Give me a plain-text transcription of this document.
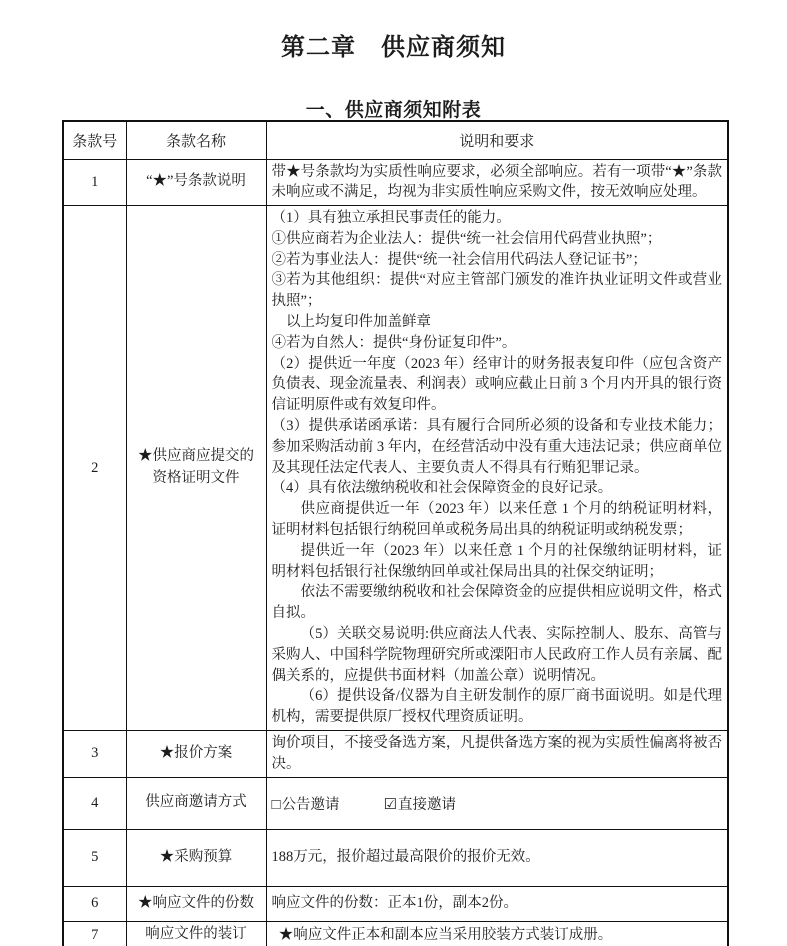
第二章　供应商须知
一、供应商须知附表
条款号	条款名称	说明和要求
1	“★”号条款说明	带★号条款均为实质性响应要求，必须全部响应。若有一项带“★”条款未响应或不满足，均视为非实质性响应采购文件，按无效响应处理。

2	★供应商应提交的资格证明文件	
（1）具有独立承担民事责任的能力。
①供应商若为企业法人：提供“统一社会信用代码营业执照”；
②若为事业法人：提供“统一社会信用代码法人登记证书”；
③若为其他组织：提供“对应主管部门颁发的准许执业证明文件或营业执照”；
以上均复印件加盖鲜章
④若为自然人：提供“身份证复印件”。
（2）提供近一年度（2023 年）经审计的财务报表复印件（应包含资产负债表、现金流量表、利润表）或响应截止日前 3 个月内开具的银行资信证明原件或有效复印件。
（3）提供承诺函承诺：具有履行合同所必须的设备和专业技术能力；参加采购活动前 3 年内，在经营活动中没有重大违法记录；供应商单位及其现任法定代表人、主要负责人不得具有行贿犯罪记录。
（4）具有依法缴纳税收和社会保障资金的良好记录。
供应商提供近一年（2023 年）以来任意 1 个月的纳税证明材料，证明材料包括银行纳税回单或税务局出具的纳税证明或纳税发票；
提供近一年（2023 年）以来任意 1 个月的社保缴纳证明材料，证明材料包括银行社保缴纳回单或社保局出具的社保交纳证明；
依法不需要缴纳税收和社会保障资金的应提供相应说明文件，格式自拟。
（5）关联交易说明:供应商法人代表、实际控制人、股东、高管与采购人、中国科学院物理研究所或溧阳市人民政府工作人员有亲属、配偶关系的，应提供书面材料（加盖公章）说明情况。
（6）提供设备/仪器为自主研发制作的原厂商书面说明。如是代理机构，需要提供原厂授权代理资质证明。

3	★报价方案	询价项目，不接受备选方案，凡提供备选方案的视为实质性偏离将被否决。

4	供应商邀请方式	□公告邀请 ☑直接邀请
5	★采购预算	188万元，报价超过最高限价的报价无效。

6	★响应文件的份数	响应文件的份数：正本1份，副本2份。

7	响应文件的装订	★响应文件正本和副本应当采用胶装方式装订成册。
